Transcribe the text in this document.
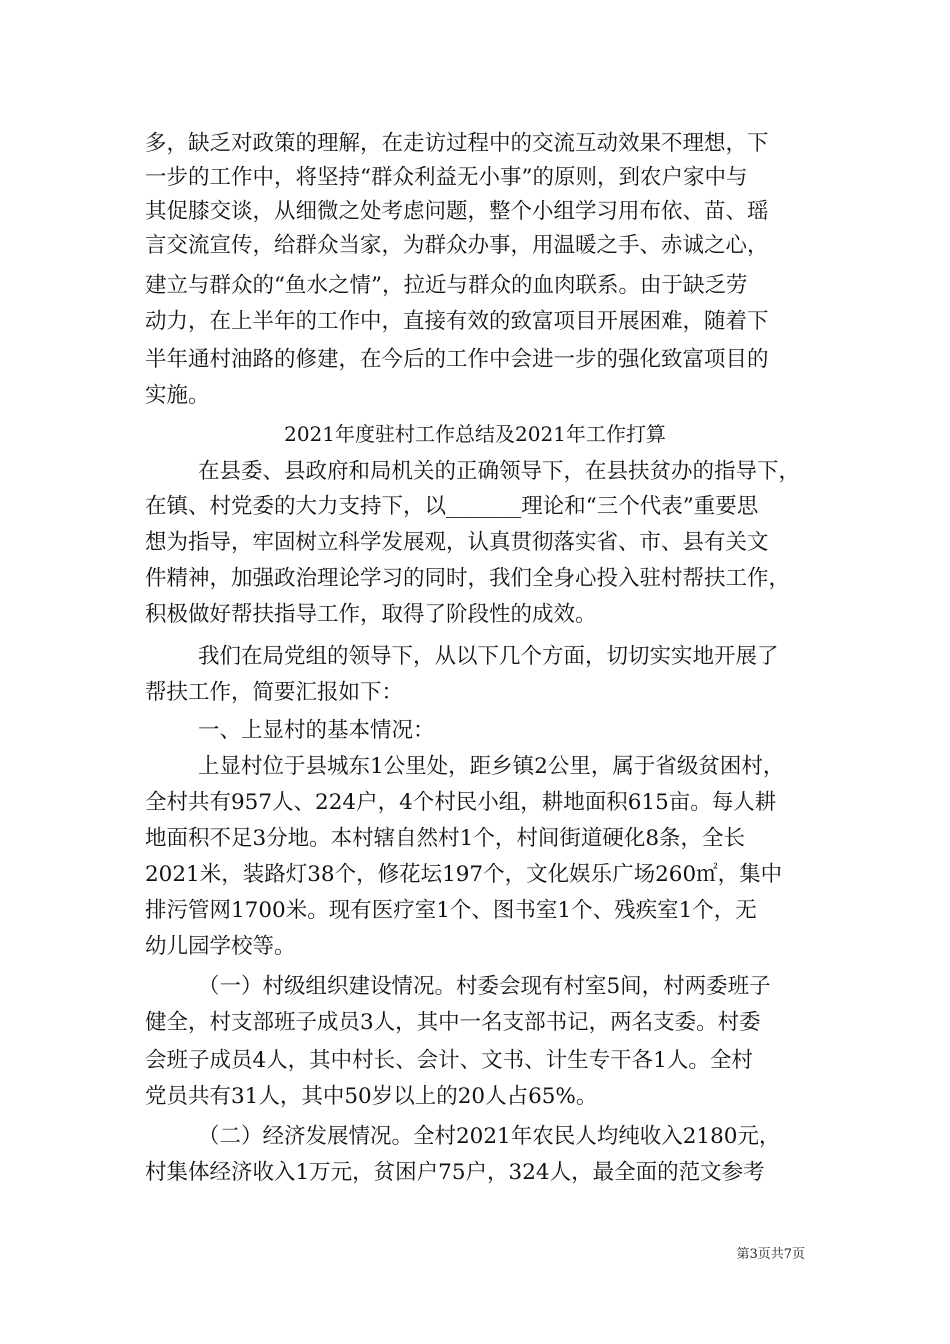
多，缺乏对政策的理解，在走访过程中的交流互动效果不理想，下
一步的工作中，将坚持“群众利益无小事”的原则，到农户家中与
其促膝交谈，从细微之处考虑问题，整个小组学习用布依、苗、瑶
言交流宣传，给群众当家，为群众办事，用温暖之手、赤诚之心，
建立与群众的“鱼水之情”，拉近与群众的血肉联系。由于缺乏劳
动力，在上半年的工作中，直接有效的致富项目开展困难，随着下
半年通村油路的修建，在今后的工作中会进一步的强化致富项目的
实施。
2021年度驻村工作总结及2021年工作打算
在县委、县政府和局机关的正确领导下，在县扶贫办的指导下，
在镇、村党委的大力支持下，以_______理论和“三个代表”重要思
想为指导，牢固树立科学发展观，认真贯彻落实省、市、县有关文
件精神，加强政治理论学习的同时，我们全身心投入驻村帮扶工作，
积极做好帮扶指导工作，取得了阶段性的成效。
我们在局党组的领导下，从以下几个方面，切切实实地开展了
帮扶工作，简要汇报如下：
一、上显村的基本情况：
上显村位于县城东1公里处，距乡镇2公里，属于省级贫困村，
全村共有957人、224户，4个村民小组，耕地面积615亩。每人耕
地面积不足3分地。本村辖自然村1个，村间街道硬化8条，全长
2021米，装路灯38个，修花坛197个，文化娱乐广场260㎡，集中
排污管网1700米。现有医疗室1个、图书室1个、残疾室1个，无
幼儿园学校等。
（一）村级组织建设情况。村委会现有村室5间，村两委班子
健全，村支部班子成员3人，其中一名支部书记，两名支委。村委
会班子成员4人，其中村长、会计、文书、计生专干各1人。全村
党员共有31人，其中50岁以上的20人占65%。
（二）经济发展情况。全村2021年农民人均纯收入2180元，
村集体经济收入1万元，贫困户75户，324人，最全面的范文参考
第3页共7页
